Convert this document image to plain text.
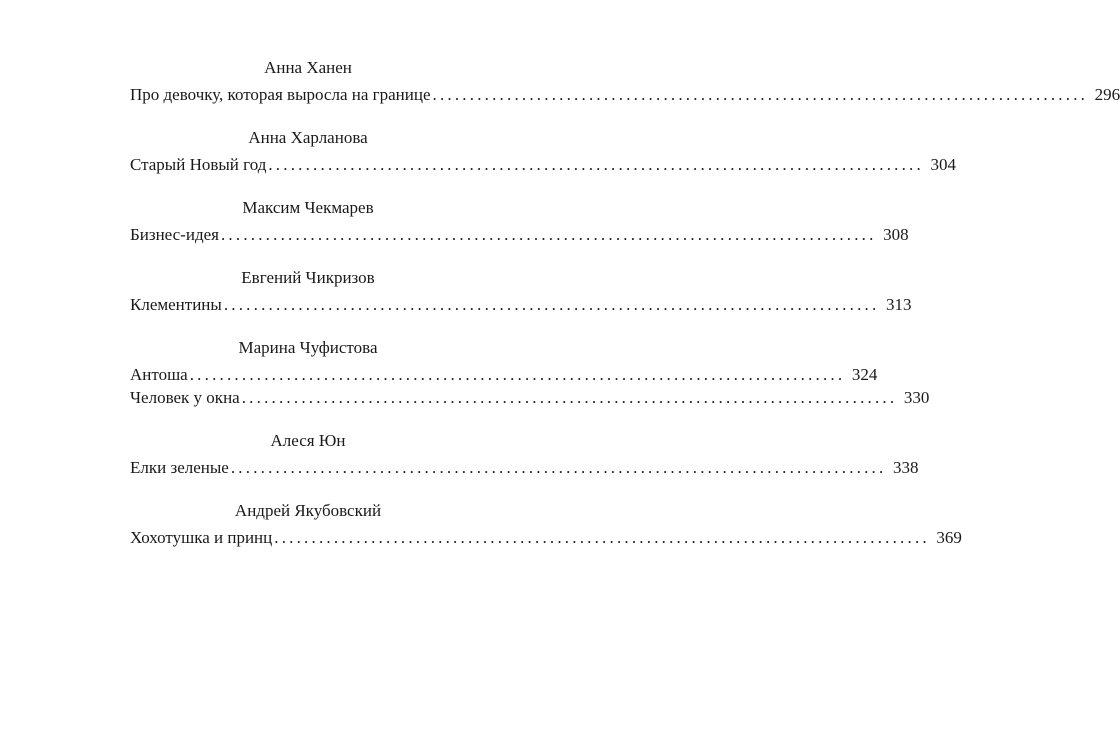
Анна Ханен
Про девочку, которая выросла на границе ........................................................................................ 296
Анна Харланова
Старый Новый год ........................................................................................ 304
Максим Чекмарев
Бизнес-идея ........................................................................................ 308
Евгений Чикризов
Клементины ........................................................................................ 313
Марина Чуфистова
Антоша ........................................................................................ 324
Человек у окна ........................................................................................ 330
Алеся Юн
Елки зеленые ........................................................................................ 338
Андрей Якубовский
Хохотушка и принц ........................................................................................ 369
